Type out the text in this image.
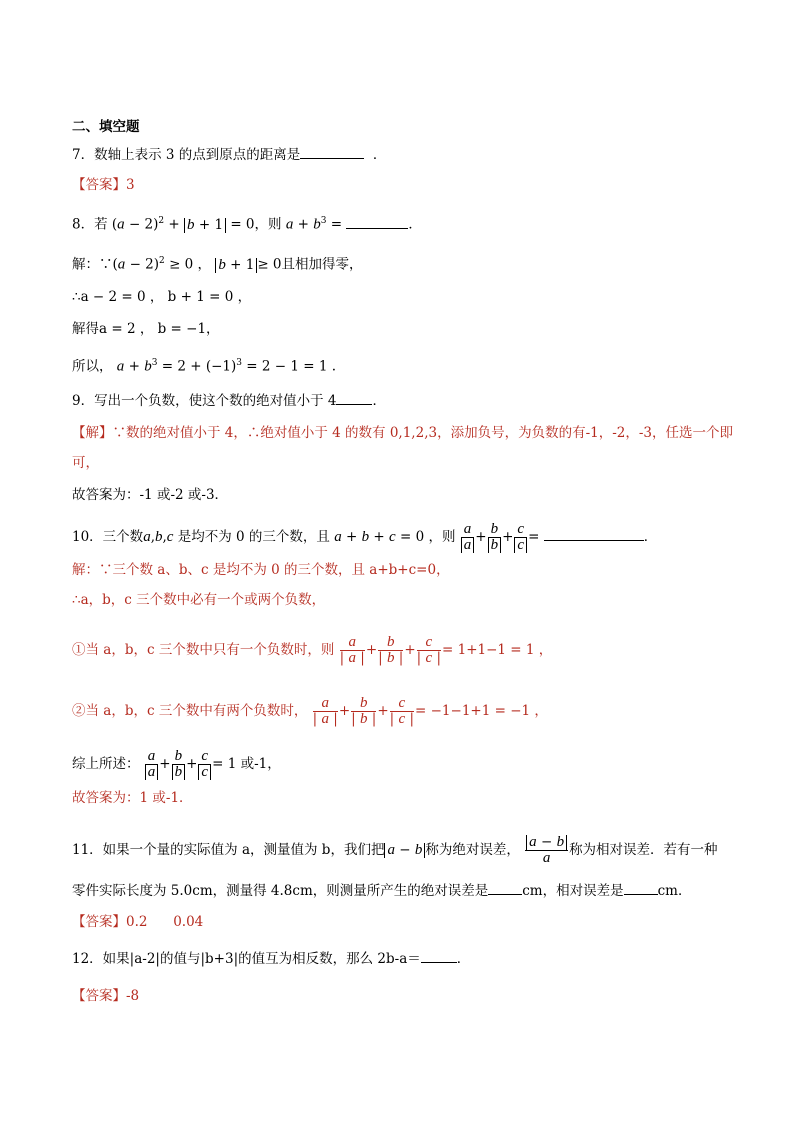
二、填空题
7．数轴上表示 3 的点到原点的距离是	．
【答案】3
8．若 $(a - 2)^2 + b + 1 = 0$，则 $a + b^3$ =	．
解：∵(a − 2)$^2$ ≥ 0 ， b + 1 ≥ 0且相加得零，
∴a − 2 = 0 ， b + 1 = 0 ，
解得a = 2 ， b = −1，
所以， $a + b^3 = 2 + (-1)^3 = 2 - 1 = 1$ .
9．写出一个负数，使这个数的绝对值小于 4	．
【解】∵数的绝对值小于 4，∴绝对值小于 4 的数有 0,1,2,3，添加负号，为负数的有-1，-2，-3，任选一个即
可，
故答案为：-1 或-2 或-3．
10．三个数a,b,c 是均不为 0 的三个数，且 a + b + c = 0 ，则 $\frac{a}{a} + \frac{b}{b} + \frac{c}{c}$ =	．
解：∵三个数 a、b、c 是均不为 0 的三个数，且 a+b+c=0，
∴a，b，c 三个数中必有一个或两个负数，
①当 a，b，c 三个数中只有一个负数时，则 $\frac{a}{| a |} + \frac{b}{| b |} + \frac{c}{| c |} = 1+1-1 = 1$ ，
②当 a，b，c 三个数中有两个负数时， $\frac{a}{| a |} + \frac{b}{| b |} + \frac{c}{| c |} = -1-1+1 = -1$ ，
综上所述： $\frac{a}{a} + \frac{b}{b} + \frac{c}{c} = 1$ 或-1，
故答案为：1 或-1．
11．如果一个量的实际值为 a，测量值为 b，我们把 a − b 称为绝对误差， $\frac{a - b}{a}$ 称为相对误差．若有一种
零件实际长度为 5.0cm，测量得 4.8cm，则测量所产生的绝对误差是	cm，相对误差是	cm．
【答案】0.2      0.04
12．如果|a-2|的值与|b+3|的值互为相反数，那么 2b-a＝	．
【答案】-8
